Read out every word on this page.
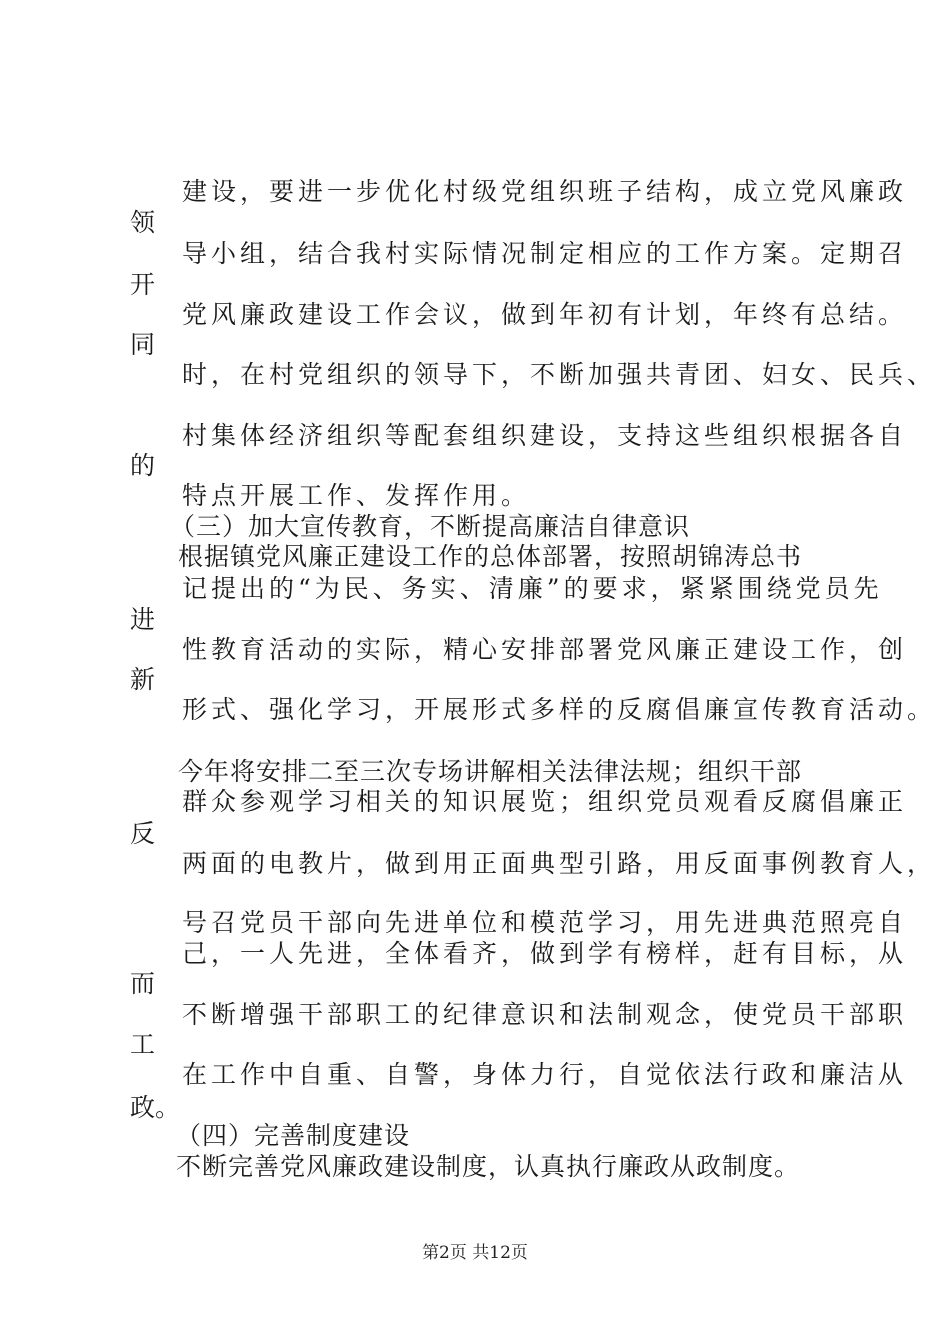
建设，要进一步优化村级党组织班子结构，成立党风廉政
领
导小组，结合我村实际情况制定相应的工作方案。定期召
开
党风廉政建设工作会议，做到年初有计划，年终有总结。
同
时，在村党组织的领导下，不断加强共青团、妇女、民兵、
村集体经济组织等配套组织建设，支持这些组织根据各自
的
特点开展工作、发挥作用。
（三）加大宣传教育，不断提高廉洁自律意识
根据镇党风廉正建设工作的总体部署，按照胡锦涛总书
记提出的“为民、务实、清廉”的要求，紧紧围绕党员先
进
性教育活动的实际，精心安排部署党风廉正建设工作，创
新
形式、强化学习，开展形式多样的反腐倡廉宣传教育活动。
今年将安排二至三次专场讲解相关法律法规；组织干部
群众参观学习相关的知识展览；组织党员观看反腐倡廉正
反
两面的电教片，做到用正面典型引路，用反面事例教育人，
号召党员干部向先进单位和模范学习，用先进典范照亮自
己，一人先进，全体看齐，做到学有榜样，赶有目标，从
而
不断增强干部职工的纪律意识和法制观念，使党员干部职
工
在工作中自重、自警，身体力行，自觉依法行政和廉洁从
政。
（四）完善制度建设
不断完善党风廉政建设制度，认真执行廉政从政制度。
第2页 共12页
